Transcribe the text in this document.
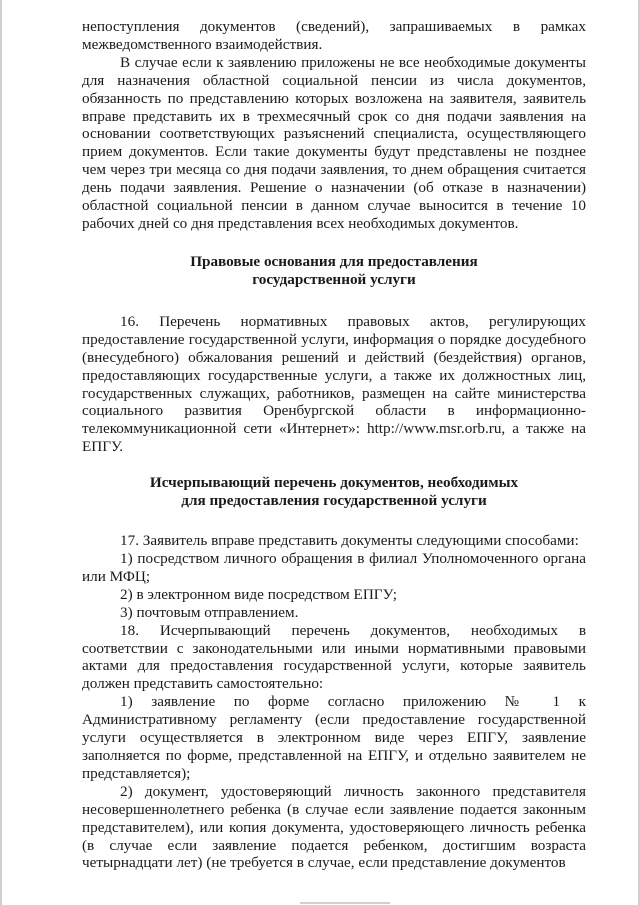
непоступления документов (сведений), запрашиваемых в рамках межведомственного взаимодействия.

В случае если к заявлению приложены не все необходимые документы для назначения областной социальной пенсии из числа документов, обязанность по представлению которых возложена на заявителя, заявитель вправе представить их в трехмесячный срок со дня подачи заявления на основании соответствующих разъяснений специалиста, осуществляющего прием документов. Если такие документы будут представлены не позднее чем через три месяца со дня подачи заявления, то днем обращения считается день подачи заявления. Решение о назначении (об отказе в назначении) областной социальной пенсии в данном случае выносится в течение 10 рабочих дней со дня представления всех необходимых документов.

Правовые основания для предоставления
государственной услуги

16. Перечень нормативных правовых актов, регулирующих предоставление государственной услуги, информация о порядке досудебного (внесудебного) обжалования решений и действий (бездействия) органов, предоставляющих государственные услуги, а также их должностных лиц, государственных служащих, работников, размещен на сайте министерства социального развития Оренбургской области в информационно-телекоммуникационной сети «Интернет»: http://www.msr.orb.ru, а также на ЕПГУ.

Исчерпывающий перечень документов, необходимых
для предоставления государственной услуги

17. Заявитель вправе представить документы следующими способами:

1) посредством личного обращения в филиал Уполномоченного органа или МФЦ;

2) в электронном виде посредством ЕПГУ;

3) почтовым отправлением.

18. Исчерпывающий перечень документов, необходимых в соответствии с законодательными или иными нормативными правовыми актами для предоставления государственной услуги, которые заявитель должен представить самостоятельно:

1) заявление по форме согласно приложению № 1 к Административному регламенту (если предоставление государственной услуги осуществляется в электронном виде через ЕПГУ, заявление заполняется по форме, представленной на ЕПГУ, и отдельно заявителем не представляется);

2) документ, удостоверяющий личность законного представителя несовершеннолетнего ребенка (в случае если заявление подается законным представителем), или копия документа, удостоверяющего личность ребенка (в случае если заявление подается ребенком, достигшим возраста четырнадцати лет) (не требуется в случае, если представление документов
